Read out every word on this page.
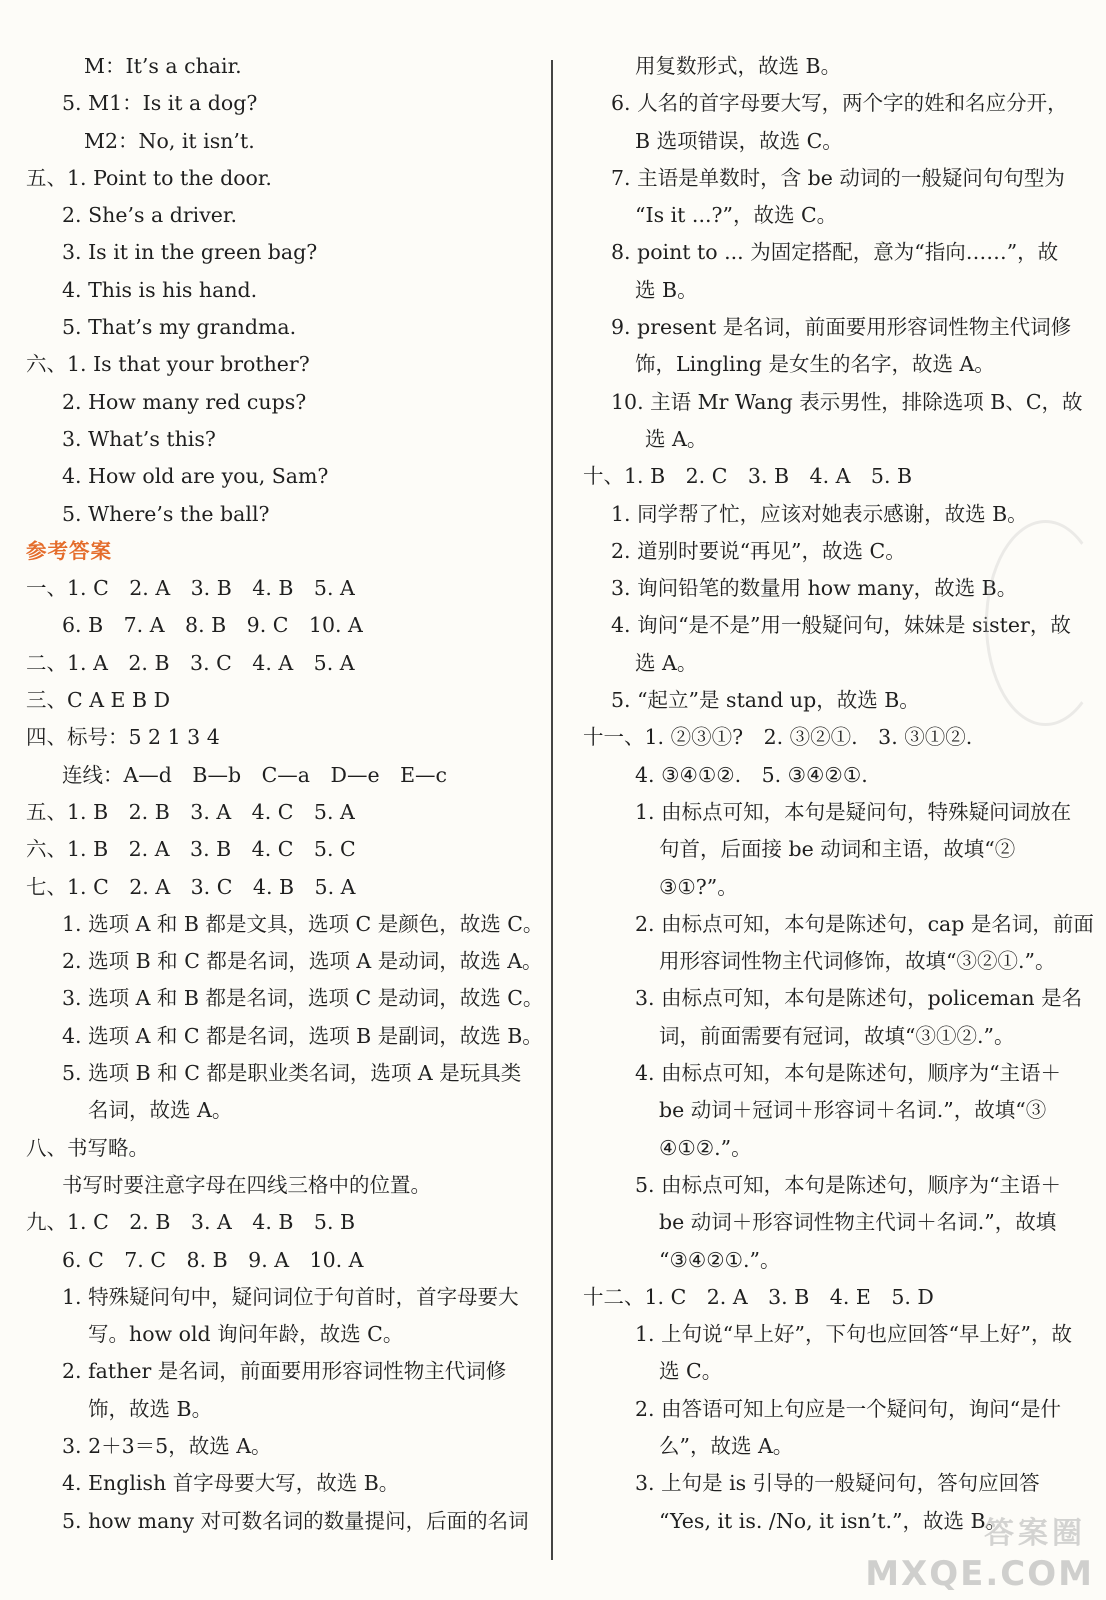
M：It’s a chair.
5. M1：Is it a dog?
M2：No, it isn’t.
五、1. Point to the door.
2. She’s a driver.
3. Is it in the green bag?
4. This is his hand.
5. That’s my grandma.
六、1. Is that your brother?
2. How many red cups?
3. What’s this?
4. How old are you, Sam?
5. Where’s the ball?
参考答案
一、1. C　2. A　3. B　4. B　5. A
6. B　7. A　8. B　9. C　10. A
二、1. A　2. B　3. C　4. A　5. A
三、C A E B D
四、标号：5 2 1 3 4
连线：A—d　B—b　C—a　D—e　E—c
五、1. B　2. B　3. A　4. C　5. A
六、1. B　2. A　3. B　4. C　5. C
七、1. C　2. A　3. C　4. B　5. A
1. 选项 A 和 B 都是文具，选项 C 是颜色，故选 C。
2. 选项 B 和 C 都是名词，选项 A 是动词，故选 A。
3. 选项 A 和 B 都是名词，选项 C 是动词，故选 C。
4. 选项 A 和 C 都是名词，选项 B 是副词，故选 B。
5. 选项 B 和 C 都是职业类名词，选项 A 是玩具类
名词，故选 A。
八、书写略。
书写时要注意字母在四线三格中的位置。
九、1. C　2. B　3. A　4. B　5. B
6. C　7. C　8. B　9. A　10. A
1. 特殊疑问句中，疑问词位于句首时，首字母要大
写。how old 询问年龄，故选 C。
2. father 是名词，前面要用形容词性物主代词修
饰，故选 B。
3. 2＋3＝5，故选 A。
4. English 首字母要大写，故选 B。
5. how many 对可数名词的数量提问，后面的名词
用复数形式，故选 B。
6. 人名的首字母要大写，两个字的姓和名应分开，
B 选项错误，故选 C。
7. 主语是单数时，含 be 动词的一般疑问句句型为
“Is it ...?”，故选 C。
8. point to ... 为固定搭配，意为“指向……”，故
选 B。
9. present 是名词，前面要用形容词性物主代词修
饰，Lingling 是女生的名字，故选 A。
10. 主语 Mr Wang 表示男性，排除选项 B、C，故
选 A。
十、1. B　2. C　3. B　4. A　5. B
1. 同学帮了忙，应该对她表示感谢，故选 B。
2. 道别时要说“再见”，故选 C。
3. 询问铅笔的数量用 how many，故选 B。
4. 询问“是不是”用一般疑问句，妹妹是 sister，故
选 A。
5. “起立”是 stand up，故选 B。
十一、1. ②③①?　2. ③②①.　3. ③①②.
4. ③④①②.　5. ③④②①.
1. 由标点可知，本句是疑问句，特殊疑问词放在
句首，后面接 be 动词和主语，故填“②
③①?”。
2. 由标点可知，本句是陈述句，cap 是名词，前面
用形容词性物主代词修饰，故填“③②①.”。
3. 由标点可知，本句是陈述句，policeman 是名
词，前面需要有冠词，故填“③①②.”。
4. 由标点可知，本句是陈述句，顺序为“主语＋
be 动词＋冠词＋形容词＋名词.”，故填“③
④①②.”。
5. 由标点可知，本句是陈述句，顺序为“主语＋
be 动词＋形容词性物主代词＋名词.”，故填
“③④②①.”。
十二、1. C　2. A　3. B　4. E　5. D
1. 上句说“早上好”，下句也应回答“早上好”，故
选 C。
2. 由答语可知上句应是一个疑问句，询问“是什
么”，故选 A。
3. 上句是 is 引导的一般疑问句，答句应回答
“Yes, it is. /No, it isn’t.”，故选 B。
答案圈
MXQE.COM
